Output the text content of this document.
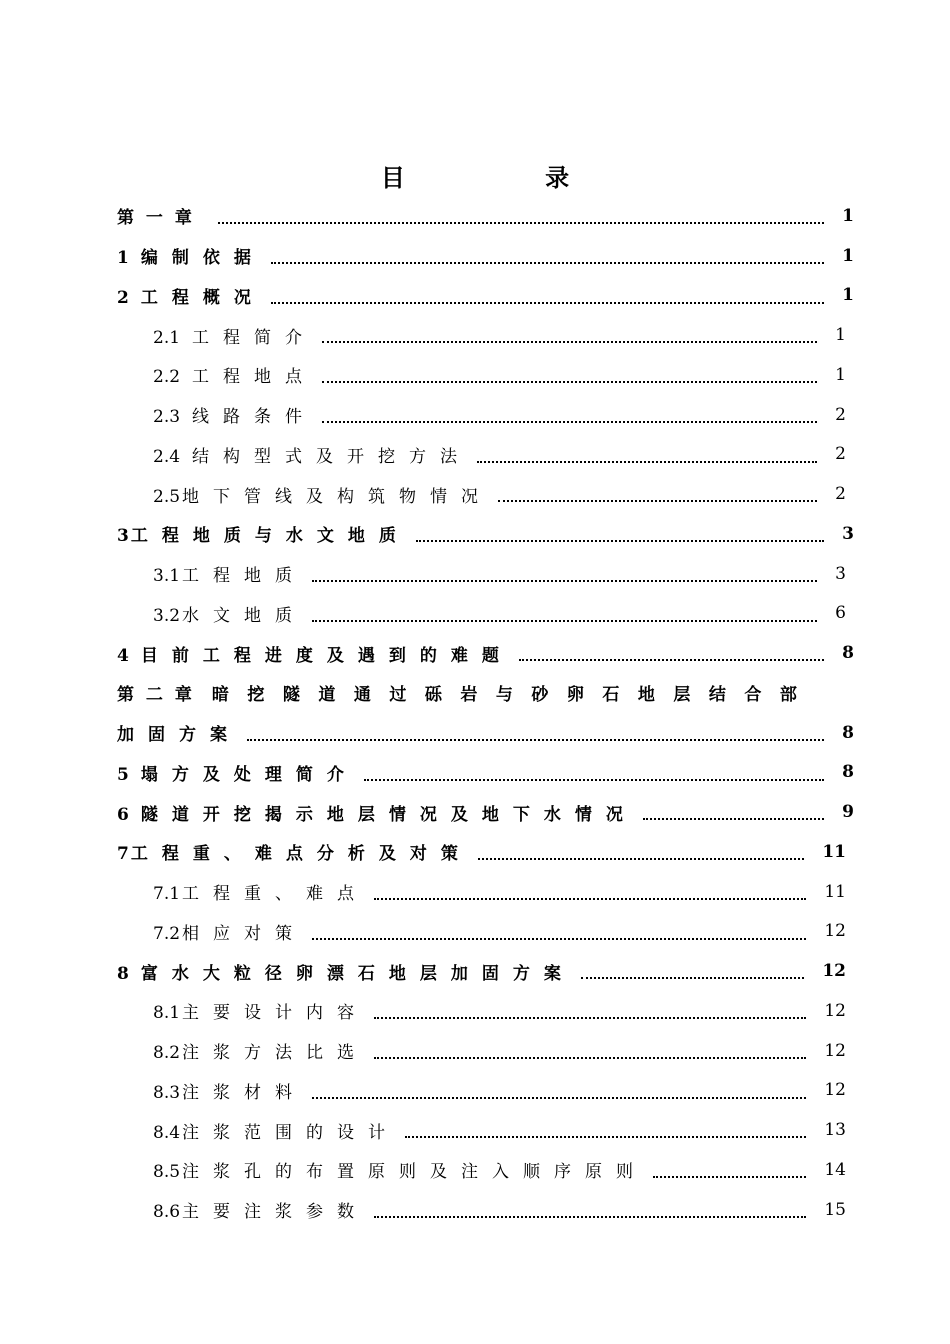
目 录
第 一 章	1
1 编制依据	1
2 工程概况	1
2.1 工程简介	1
2.2 工程地点	1
2.3 线路条件	2
2.4 结构型式及开挖方法	2
2.5 地下管线及构筑物情况	2
3 工程地质与水文地质	3
3.1 工程地质	3
3.2 水文地质	6
4 目前工程进度及遇到的难题	8
第 二 章 暗挖隧道通过砾岩与砂卵石地层结合部
加固方案	8
5 塌方及处理简介	8
6 隧道开挖揭示地层情况及地下水情况	9
7 工程重、难点分析及对策	11
7.1 工程重、难点	11
7.2 相应对策	12
8 富水大粒径卵漂石地层加固方案	12
8.1 主要设计内容	12
8.2 注浆方法比选	12
8.3 注浆材料	12
8.4 注浆范围的设计	13
8.5 注浆孔的布置原则及注入顺序原则	14
8.6 主要注浆参数	15
